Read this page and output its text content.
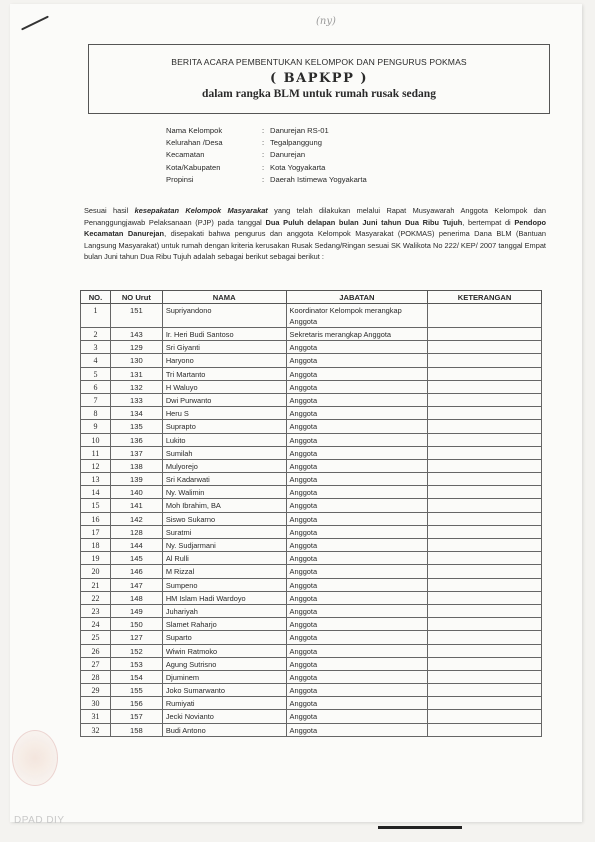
(ny)
BERITA ACARA PEMBENTUKAN KELOMPOK DAN PENGURUS POKMAS
( BAPKPP )
dalam rangka BLM untuk rumah rusak sedang
Nama Kelompok	: Danurejan RS-01
Kelurahan /Desa	: Tegalpanggung
Kecamatan	: Danurejan
Kota/Kabupaten	: Kota Yogyakarta
Propinsi	: Daerah Istimewa Yogyakarta
Sesuai hasil kesepakatan Kelompok Masyarakat yang telah dilakukan melalui Rapat Musyawarah Anggota Kelompok dan Penanggungjawab Pelaksanaan (PJP) pada tanggal Dua Puluh delapan bulan Juni tahun Dua Ribu Tujuh, bertempat di Pendopo Kecamatan Danurejan, disepakati bahwa pengurus dan anggota Kelompok Masyarakat (POKMAS) penerima Dana BLM (Bantuan Langsung Masyarakat) untuk rumah dengan kriteria kerusakan Rusak Sedang/Ringan sesuai SK Walikota No 222/ KEP/ 2007 tanggal Empat bulan Juni tahun Dua Ribu Tujuh adalah sebagai berikut sebagai berikut :
NO.	NO Urut	NAMA	JABATAN	KETERANGAN
1	151	Supriyandono	Koordinator Kelompok merangkap Anggota	
2	143	Ir. Heri Budi Santoso	Sekretaris merangkap Anggota	
3	129	Sri Giyanti	Anggota	
4	130	Haryono	Anggota	
5	131	Tri Martanto	Anggota	
6	132	H Waluyo	Anggota	
7	133	Dwi Purwanto	Anggota	
8	134	Heru S	Anggota	
9	135	Suprapto	Anggota	
10	136	Lukito	Anggota	
11	137	Sumilah	Anggota	
12	138	Mulyorejo	Anggota	
13	139	Sri Kadarwati	Anggota	
14	140	Ny. Walimin	Anggota	
15	141	Moh Ibrahim, BA	Anggota	
16	142	Siswo Sukarno	Anggota	
17	128	Suratmi	Anggota	
18	144	Ny. Sudjarmani	Anggota	
19	145	Al Rulli	Anggota	
20	146	M Rizzal	Anggota	
21	147	Sumpeno	Anggota	
22	148	HM Islam Hadi Wardoyo	Anggota	
23	149	Juhariyah	Anggota	
24	150	Slamet Raharjo	Anggota	
25	127	Suparto	Anggota	
26	152	Wiwin Ratmoko	Anggota	
27	153	Agung Sutrisno	Anggota	
28	154	Djuminem	Anggota	
29	155	Joko Sumarwanto	Anggota	
30	156	Rumiyati	Anggota	
31	157	Jecki Novianto	Anggota	
32	158	Budi Antono	Anggota	
DPAD DIY
